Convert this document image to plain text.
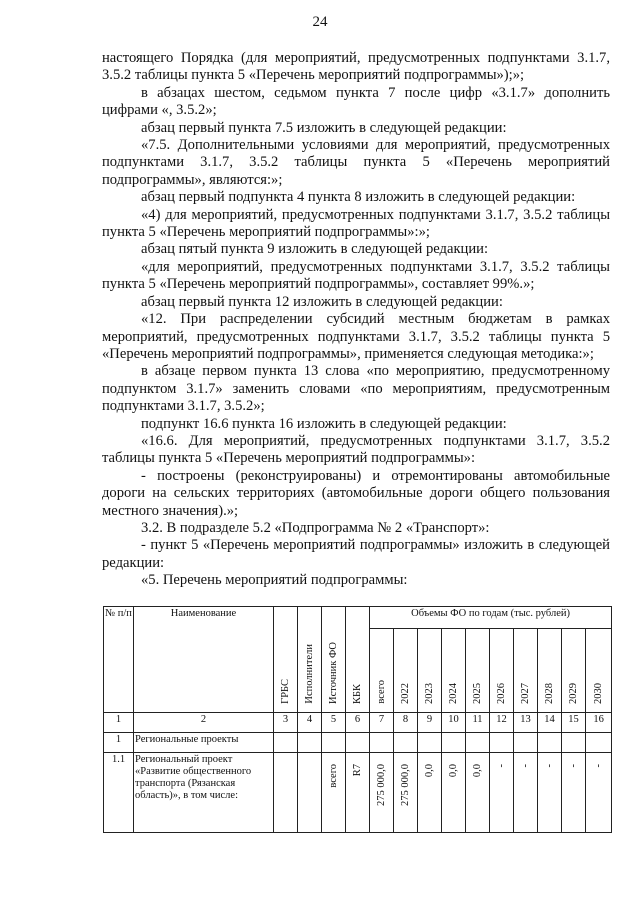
24

настоящего Порядка (для мероприятий, предусмотренных подпунктами 3.1.7, 3.5.2 таблицы пункта 5 «Перечень мероприятий подпрограммы»);»;

в абзацах шестом, седьмом пункта 7 после цифр «3.1.7» дополнить цифрами «, 3.5.2»;

абзац первый пункта 7.5 изложить в следующей редакции:

«7.5. Дополнительными условиями для мероприятий, предусмотренных подпунктами 3.1.7, 3.5.2 таблицы пункта 5 «Перечень мероприятий подпрограммы», являются:»;

абзац первый подпункта 4 пункта 8 изложить в следующей редакции:

«4) для мероприятий, предусмотренных подпунктами 3.1.7, 3.5.2 таблицы пункта 5 «Перечень мероприятий подпрограммы»:»;

абзац пятый пункта 9 изложить в следующей редакции:

«для мероприятий, предусмотренных подпунктами 3.1.7, 3.5.2 таблицы пункта 5 «Перечень мероприятий подпрограммы», составляет 99%.»;

абзац первый пункта 12 изложить в следующей редакции:

«12. При распределении субсидий местным бюджетам в рамках мероприятий, предусмотренных подпунктами 3.1.7, 3.5.2 таблицы пункта 5 «Перечень мероприятий подпрограммы», применяется следующая методика:»;

в абзаце первом пункта 13 слова «по мероприятию, предусмотренному подпунктом 3.1.7» заменить словами «по мероприятиям, предусмотренным подпунктами 3.1.7, 3.5.2»;

подпункт 16.6 пункта 16 изложить в следующей редакции:

«16.6. Для мероприятий, предусмотренных подпунктами 3.1.7, 3.5.2 таблицы пункта 5 «Перечень мероприятий подпрограммы»:

- построены (реконструированы) и отремонтированы автомобильные дороги на сельских территориях (автомобильные дороги общего пользования местного значения).»;

3.2. В подразделе 5.2 «Подпрограмма № 2 «Транспорт»:

- пункт 5 «Перечень мероприятий подпрограммы» изложить в следующей редакции:

«5. Перечень мероприятий подпрограммы:

№ п/п	Наименование	ГРБС	Исполнители	Источник ФО	КБК	Объемы ФО по годам (тыс. рублей)									
						всего	2022	2023	2024	2025	2026	2027	2028	2029	2030
1	2	3	4	5	6	7	8	9	10	11	12	13	14	15	16
1	Региональные проекты														
1.1	Региональный проект «Развитие общественного транспорта (Рязанская область)», в том числе:			всего	R7	275 000,0	275 000,0	0,0	0,0	0,0	-	-	-	-	-
